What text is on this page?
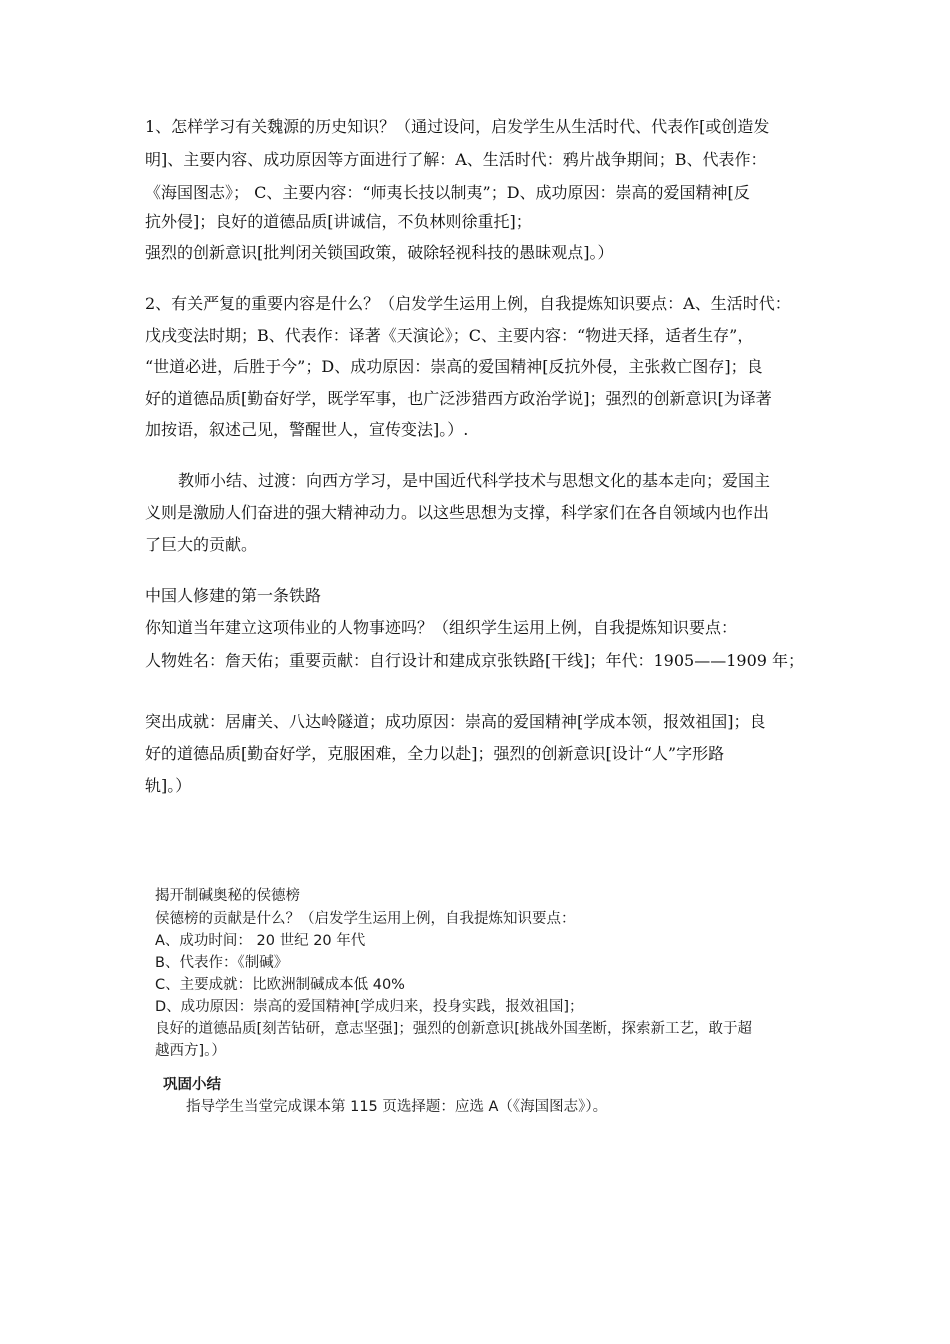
1、怎样学习有关魏源的历史知识？（通过设问，启发学生从生活时代、代表作[或创造发
明]、主要内容、成功原因等方面进行了解：A、生活时代：鸦片战争期间；B、代表作：
《海国图志》； C、主要内容：“师夷长技以制夷”；D、成功原因：崇高的爱国精神[反
抗外侵]；良好的道德品质[讲诚信，不负林则徐重托]；
强烈的创新意识[批判闭关锁国政策，破除轻视科技的愚昧观点]。）
2、有关严复的重要内容是什么？（启发学生运用上例，自我提炼知识要点：A、生活时代：
戊戌变法时期；B、代表作：译著《天演论》；C、主要内容：“物进天择，适者生存”，
“世道必进，后胜于今”；D、成功原因：崇高的爱国精神[反抗外侵，主张救亡图存]；良
好的道德品质[勤奋好学，既学军事，也广泛涉猎西方政治学说]；强烈的创新意识[为译著
加按语，叙述己见，警醒世人，宣传变法]。）.
教师小结、过渡：向西方学习，是中国近代科学技术与思想文化的基本走向；爱国主
义则是激励人们奋进的强大精神动力。以这些思想为支撑，科学家们在各自领域内也作出
了巨大的贡献。
中国人修建的第一条铁路
你知道当年建立这项伟业的人物事迹吗？（组织学生运用上例，自我提炼知识要点：
人物姓名：詹天佑；重要贡献：自行设计和建成京张铁路[干线]；年代：1905——1909 年；
突出成就：居庸关、八达岭隧道；成功原因：崇高的爱国精神[学成本领，报效祖国]；良
好的道德品质[勤奋好学，克服困难，全力以赴]；强烈的创新意识[设计“人”字形路
轨]。）
揭开制碱奥秘的侯德榜
侯德榜的贡献是什么？（启发学生运用上例，自我提炼知识要点：
A、成功时间： 20 世纪 20 年代
B、代表作：《制碱》
C、主要成就：比欧洲制碱成本低 40%
D、成功原因：崇高的爱国精神[学成归来，投身实践，报效祖国]；
良好的道德品质[刻苦钻研，意志坚强]；强烈的创新意识[挑战外国垄断，探索新工艺，敢于超
越西方]。）
巩固小结
指导学生当堂完成课本第 115 页选择题：应选 A（《海国图志》）。
